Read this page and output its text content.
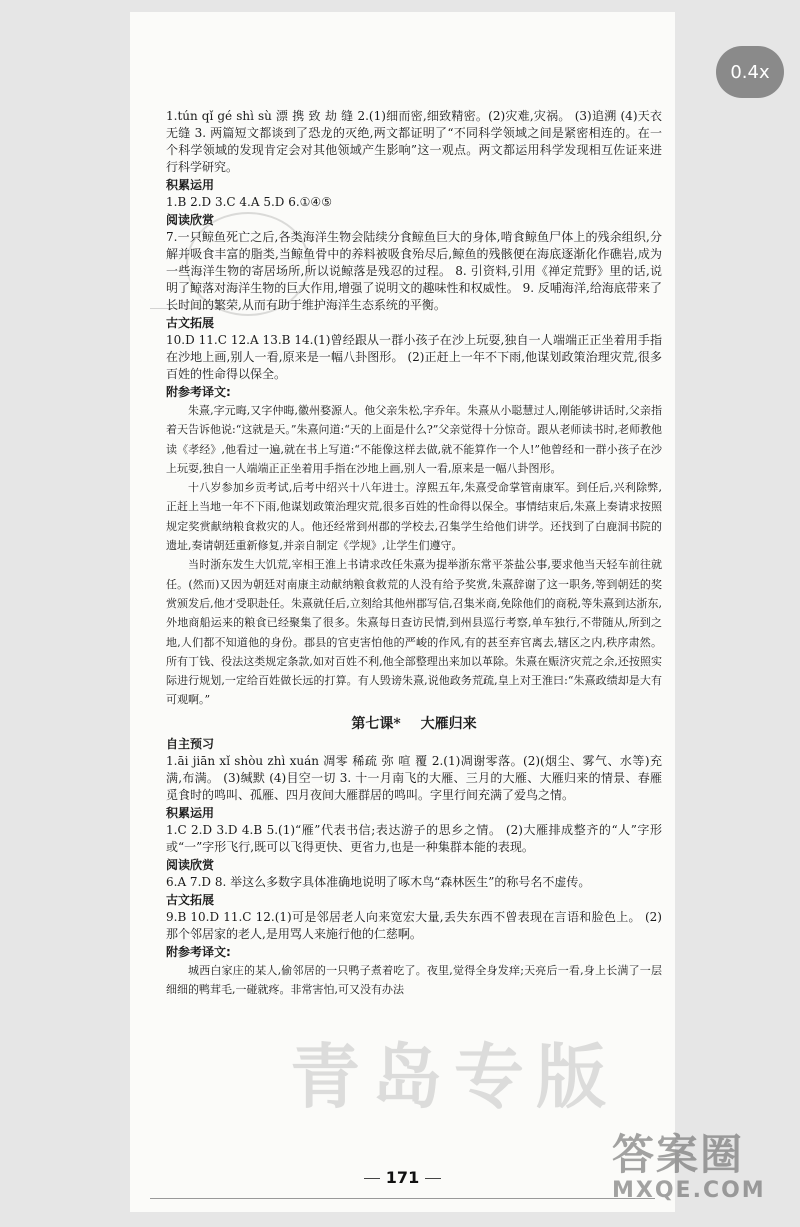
1.tún qǐ gé shì sù 漂 携 致 劫 缝 2.(1)细而密,细致精密。(2)灾难,灾祸。 (3)追溯 (4)天衣无缝 3. 两篇短文都谈到了恐龙的灭绝,两文都证明了“不同科学领域之间是紧密相连的。在一个科学领域的发现肯定会对其他领域产生影响”这一观点。两文都运用科学发现相互佐证来进行科学研究。

积累运用

1.B 2.D 3.C 4.A 5.D 6.①④⑤

阅读欣赏

7.一只鲸鱼死亡之后,各类海洋生物会陆续分食鲸鱼巨大的身体,啃食鲸鱼尸体上的残余组织,分解并吸食丰富的脂类,当鲸鱼骨中的养料被吸食殆尽后,鲸鱼的残骸便在海底逐渐化作礁岩,成为一些海洋生物的寄居场所,所以说鲸落是残忍的过程。 8. 引资料,引用《禅定荒野》里的话,说明了鲸落对海洋生物的巨大作用,增强了说明文的趣味性和权威性。 9. 反哺海洋,给海底带来了长时间的繁荣,从而有助于维护海洋生态系统的平衡。

古文拓展

10.D 11.C 12.A 13.B 14.(1)曾经跟从一群小孩子在沙上玩耍,独自一人端端正正坐着用手指在沙地上画,别人一看,原来是一幅八卦图形。 (2)正赶上一年不下雨,他谋划政策治理灾荒,很多百姓的性命得以保全。

附参考译文:

朱熹,字元晦,又字仲晦,徽州婺源人。他父亲朱松,字乔年。朱熹从小聪慧过人,刚能够讲话时,父亲指着天告诉他说:“这就是天。”朱熹问道:“天的上面是什么?”父亲觉得十分惊奇。跟从老师读书时,老师教他读《孝经》,他看过一遍,就在书上写道:“不能像这样去做,就不能算作一个人!”他曾经和一群小孩子在沙上玩耍,独自一人端端正正坐着用手指在沙地上画,别人一看,原来是一幅八卦图形。

十八岁参加乡贡考试,后考中绍兴十八年进士。淳熙五年,朱熹受命掌管南康军。到任后,兴利除弊,正赶上当地一年不下雨,他谋划政策治理灾荒,很多百姓的性命得以保全。事情结束后,朱熹上奏请求按照规定奖赏献纳粮食救灾的人。他还经常到州郡的学校去,召集学生给他们讲学。还找到了白鹿洞书院的遗址,奏请朝廷重新修复,并亲自制定《学规》,让学生们遵守。

当时浙东发生大饥荒,宰相王淮上书请求改任朱熹为提举浙东常平茶盐公事,要求他当天轻车前往就任。(然而)又因为朝廷对南康主动献纳粮食救荒的人没有给予奖赏,朱熹辞谢了这一职务,等到朝廷的奖赏颁发后,他才受职赴任。朱熹就任后,立刻给其他州郡写信,召集米商,免除他们的商税,等朱熹到达浙东,外地商船运来的粮食已经聚集了很多。朱熹每日查访民情,到州县巡行考察,单车独行,不带随从,所到之地,人们都不知道他的身份。郡县的官吏害怕他的严峻的作风,有的甚至弃官离去,辖区之内,秩序肃然。所有丁钱、役法这类规定条款,如对百姓不利,他全部整理出来加以革除。朱熹在赈济灾荒之余,还按照实际进行规划,一定给百姓做长远的打算。有人毁谤朱熹,说他政务荒疏,皇上对王淮曰:“朱熹政绩却是大有可观啊。”

第七课* 大雁归来

自主预习

1.āi jiān xǐ shòu zhì xuán 凋零 稀疏 弥 喧 覆 2.(1)凋谢零落。(2)(烟尘、雾气、水等)充满,布满。 (3)缄默 (4)目空一切 3. 十一月南飞的大雁、三月的大雁、大雁归来的情景、春雁觅食时的鸣叫、孤雁、四月夜间大雁群居的鸣叫。字里行间充满了爱鸟之情。

积累运用

1.C 2.D 3.D 4.B 5.(1)“雁”代表书信;表达游子的思乡之情。 (2)大雁排成整齐的“人”字形或“一”字形飞行,既可以飞得更快、更省力,也是一种集群本能的表现。

阅读欣赏

6.A 7.D 8. 举这么多数字具体准确地说明了啄木鸟“森林医生”的称号名不虚传。

古文拓展

9.B 10.D 11.C 12.(1)可是邻居老人向来宽宏大量,丢失东西不曾表现在言语和脸色上。 (2)那个邻居家的老人,是用骂人来施行他的仁慈啊。

附参考译文:

城西白家庄的某人,偷邻居的一只鸭子煮着吃了。夜里,觉得全身发痒;天亮后一看,身上长满了一层细细的鸭茸毛,一碰就疼。非常害怕,可又没有办法

青岛专版
171
0.4x
答案圈
MXQE.COM
